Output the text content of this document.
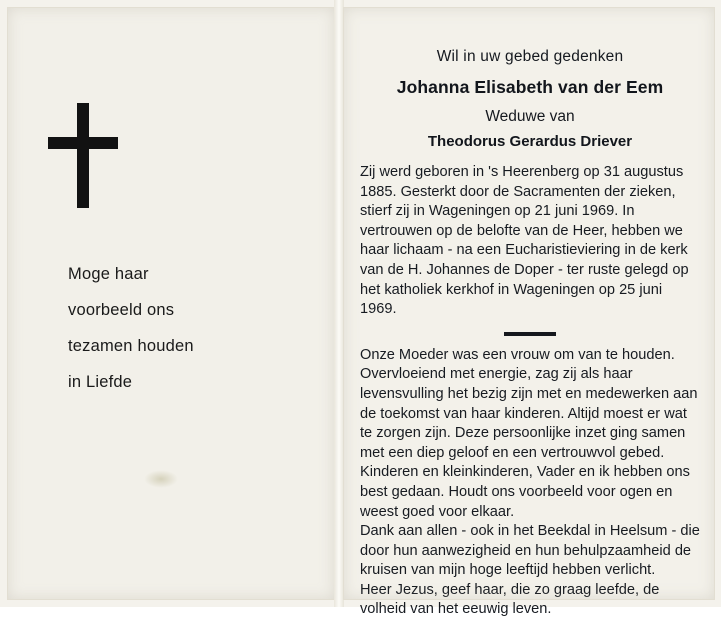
Moge haar
voorbeeld ons
tezamen houden
in Liefde
Wil in uw gebed gedenken
Johanna Elisabeth van der Eem
Weduwe van
Theodorus Gerardus Driever

Zij werd geboren in 's Heerenberg op 31 augustus 1885. Gesterkt door de Sacramenten der zieken, stierf zij in Wageningen op 21 juni 1969. In vertrouwen op de belofte van de Heer, hebben we haar lichaam - na een Eucharistieviering in de kerk van de H. Johannes de Doper - ter ruste gelegd op het katholiek kerkhof in Wageningen op 25 juni 1969.

Onze Moeder was een vrouw om van te houden. Overvloeiend met energie, zag zij als haar levensvulling het bezig zijn met en medewerken aan de toekomst van haar kinderen. Altijd moest er wat te zorgen zijn. Deze persoonlijke inzet ging samen met een diep geloof en een vertrouwvol gebed.

Kinderen en kleinkinderen, Vader en ik hebben ons best gedaan. Houdt ons voorbeeld voor ogen en weest goed voor elkaar.

Dank aan allen - ook in het Beekdal in Heelsum - die door hun aanwezigheid en hun behulpzaamheid de kruisen van mijn hoge leeftijd hebben verlicht.

Heer Jezus, geef haar, die zo graag leefde, de volheid van het eeuwig leven.
